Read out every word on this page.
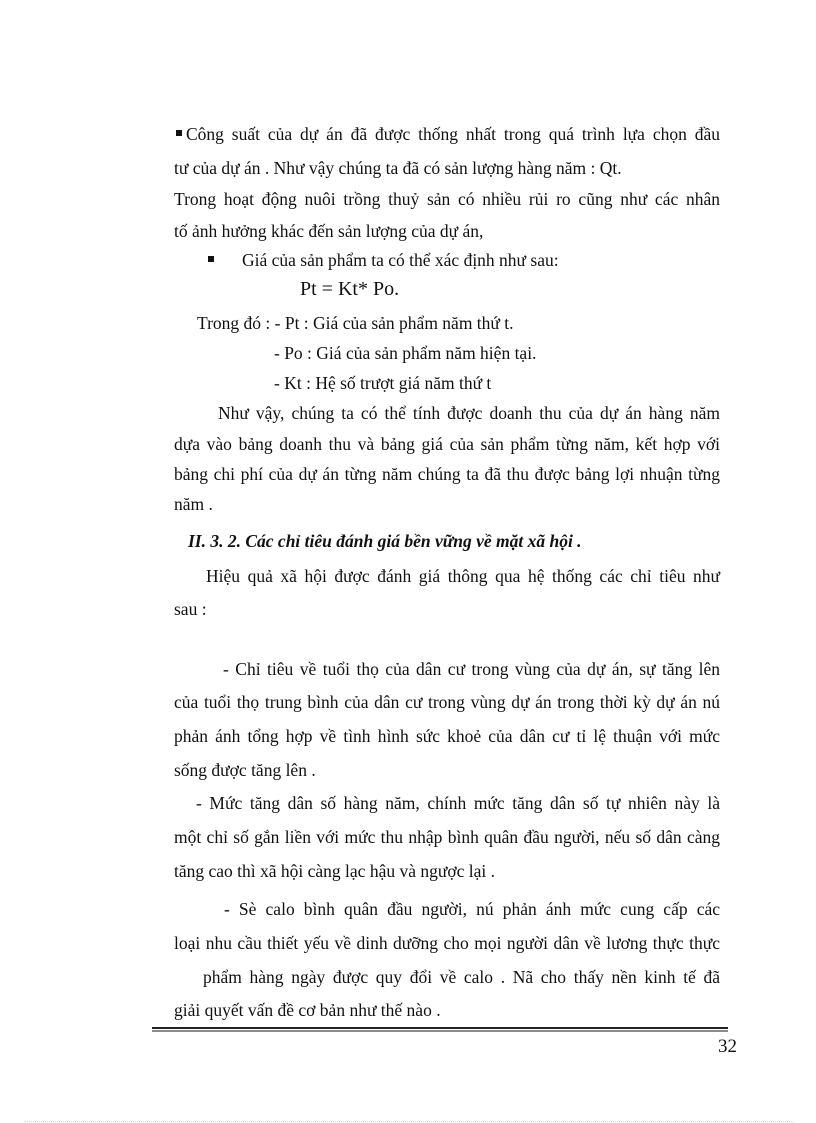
Công suất của dự án đã được thống nhất trong quá trình lựa chọn đầu
tư của dự án . Như vậy chúng ta đã có sản lượng hàng năm : Qt.
Trong hoạt động nuôi trồng thuỷ sản có nhiều rủi ro cũng như các nhân
tố ảnh hưởng khác đến sản lượng của dự án,
Giá của sản phẩm ta có thể xác định như sau:
Pt = Kt* Po.
Trong đó : - Pt : Giá của sản phẩm năm thứ t.
- Po : Giá của sản phẩm năm hiện tại.
- Kt : Hệ số trượt giá năm thứ t
Như vậy, chúng ta có thể tính được doanh thu của dự án hàng năm
dựa vào bảng doanh thu và bảng giá của sản phẩm từng năm, kết hợp với
bảng chi phí của dự án từng năm chúng ta đã thu được bảng lợi nhuận từng
năm .
II. 3. 2. Các chỉ tiêu đánh giá bền vững về mặt xã hội .
Hiệu quả xã hội được đánh giá thông qua hệ thống các chỉ tiêu như
sau :
- Chỉ tiêu về tuổi thọ của dân cư trong vùng của dự án, sự tăng lên
của tuổi thọ trung bình của dân cư trong vùng dự án trong thời kỳ dự án nú
phản ánh tổng hợp về tình hình sức khoẻ của dân cư tỉ lệ thuận với mức
sống được tăng lên .
- Mức tăng dân số hàng năm, chính mức tăng dân số tự nhiên này là
một chỉ số gắn liền với mức thu nhập bình quân đầu người, nếu số dân càng
tăng cao thì xã hội càng lạc hậu và ngược lại .
- Sè calo bình quân đầu người, nú phản ánh mức cung cấp các
loại nhu cầu thiết yếu về dinh dưỡng cho mọi người dân về lương thực thực
phẩm hàng ngày được quy đổi về calo . Nã cho thấy nền kinh tế đã
giải quyết vấn đề cơ bản như thế nào .
32
